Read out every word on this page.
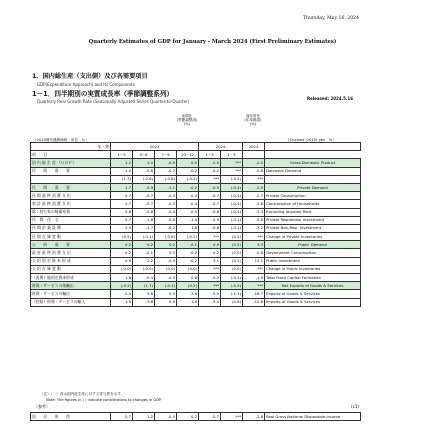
Thursday, May 16, 2024
Quarterly Estimates of GDP for January - March 2024 (First Preliminary Estimates)
1．国内総生産（支出側）及び各需要項目
GDP(Expenditure Approach) and Its Components
1－1．四半期別の実質成長率（季節調整系列）
Released: 2024.5.16
Quarterly Real Growth Rate (Seasonally Adjusted Series Quarter-to-Quarter)
前期比
(季節調整済)
(%)
前年度比
(年率換算)
(%)
（2015暦年連鎖価格　単位：％）	（Chained (2015) yen　%）
年・期	2023				2024		2024	
項　　目	1~3	4~6	7~9	10~12	1~3	1~3		
国 内 総 生 産 （ＧＤＰ）	1.2	1.0	-0.9	0.0	-0.5	***	-2.0	Gross Domestic Product
民　　間　　需　　要	1.0	-0.6	-0.7	-0.2	-0.2	***	-0.6	Domestic Demand
	(1.3)	(-0.6)	(-0.8)	(-0.2)	***	(-0.2)	***	
民　　間　　需　　要	1.7	-0.9	-1.1	-0.2	-0.5	(-0.4)	-2.0	Private Demand
民 間 最 終 消 費 支 出	0.7	-0.7	-0.3	-0.4	-0.7	(-0.4)	-2.7	Private Consumption
家 計 最 終 消 費 支 出	0.7	-0.7	-0.3	-0.4	-0.7	(-0.4)	-2.6	Consumption of Households
除く持ち家の帰属家賃	0.8	-0.8	-0.4	-0.5	-0.8	(-0.4)	-3.3	Excluding Imputed Rent
民　間　住　宅	0.7	1.8	-0.6	-1.4	-2.5	(-0.1)	-9.8	Private Residential Investment
民 間 企 業 設 備	2.0	-1.7	-0.2	1.8	-0.8	(-0.1)	-3.2	Private Non-Resi. Investment
民 間 在 庫 変 動	(0.5)	(-0.1)	(-0.6)	(-0.2)	***	(0.2)	***	Change in Private Inventories
公　　的　　需　　要	0.2	0.2	0.2	-0.1	0.9	(0.2)	3.3	Public Demand
政 府 最 終 消 費 支 出	0.2	-0.1	0.3	-0.2	0.2	(0.0)	0.8	Government Consumption
公 的 固 定 資 本 形 成	0.9	2.2	-0.3	-0.2	3.1	(0.2)	13.1	Public Investment
公 的 在 庫 変 動	(-0.0)	(-0.0)	(0.0)	(0.0)	***	(0.0)	***	Change in Public Inventories
（再掲）総固定資本形成	1.6	-0.4	-0.3	0.6	-0.3	(-0.1)	-1.0	Total Fixed Capital Formation
財貨・サービスの純輸出	(-0.2)	(1.7)	(-0.1)	(0.2)	***	(-0.3)	***	Net Exports of Goods & Services
財貨・サービスの輸出	-2.4	3.8	0.3	2.6	-5.0	(-1.1)	-18.7	Exports of Goods & Services
（控除）財貨・サービスの輸入	1.5	-3.6	0.9	1.6	-3.4	(0.8)	-12.6	Imports of Goods & Services
（注）（　）内は国内総生産に対する寄与度を示す。
Note: The figures in ( ) indicate contributions to changes in GDP.
（参考）	(c1)
国　　民　　所　　得	0.7	1.2	-0.3	0.2	-0.7	***	-2.8	Real Gross National Disposable Income
